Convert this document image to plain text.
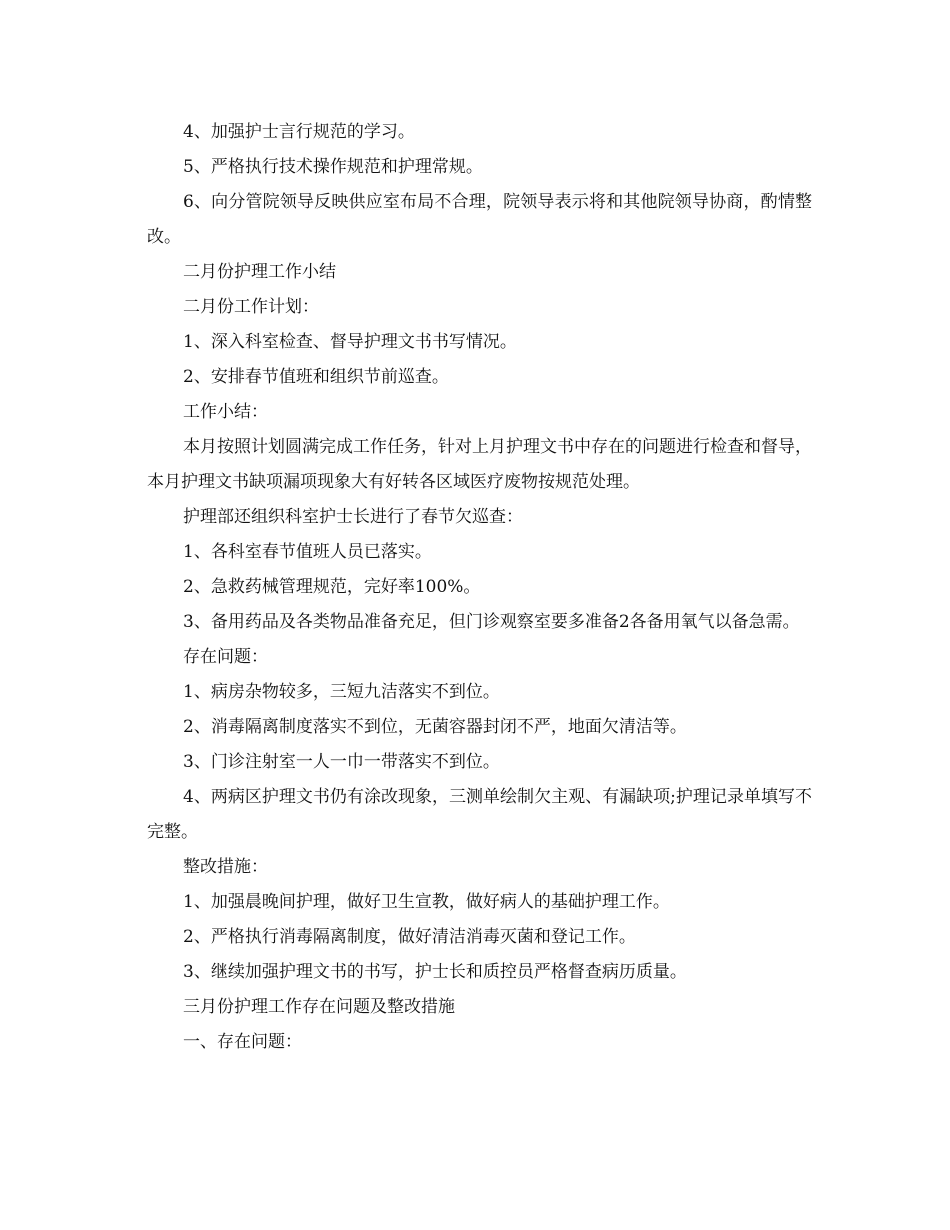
4、加强护士言行规范的学习。

5、严格执行技术操作规范和护理常规。

6、向分管院领导反映供应室布局不合理，院领导表示将和其他院领导协商，酌情整改。

二月份护理工作小结

二月份工作计划：

1、深入科室检查、督导护理文书书写情况。

2、安排春节值班和组织节前巡查。

工作小结：

本月按照计划圆满完成工作任务，针对上月护理文书中存在的问题进行检查和督导，本月护理文书缺项漏项现象大有好转各区域医疗废物按规范处理。

护理部还组织科室护士长进行了春节欠巡查：

1、各科室春节值班人员已落实。

2、急救药械管理规范，完好率100%。

3、备用药品及各类物品准备充足，但门诊观察室要多准备2各备用氧气以备急需。

存在问题：

1、病房杂物较多，三短九洁落实不到位。

2、消毒隔离制度落实不到位，无菌容器封闭不严，地面欠清洁等。

3、门诊注射室一人一巾一带落实不到位。

4、两病区护理文书仍有涂改现象，三测单绘制欠主观、有漏缺项;护理记录单填写不完整。

整改措施：

1、加强晨晚间护理，做好卫生宣教，做好病人的基础护理工作。

2、严格执行消毒隔离制度，做好清洁消毒灭菌和登记工作。

3、继续加强护理文书的书写，护士长和质控员严格督查病历质量。

三月份护理工作存在问题及整改措施

一、存在问题：
